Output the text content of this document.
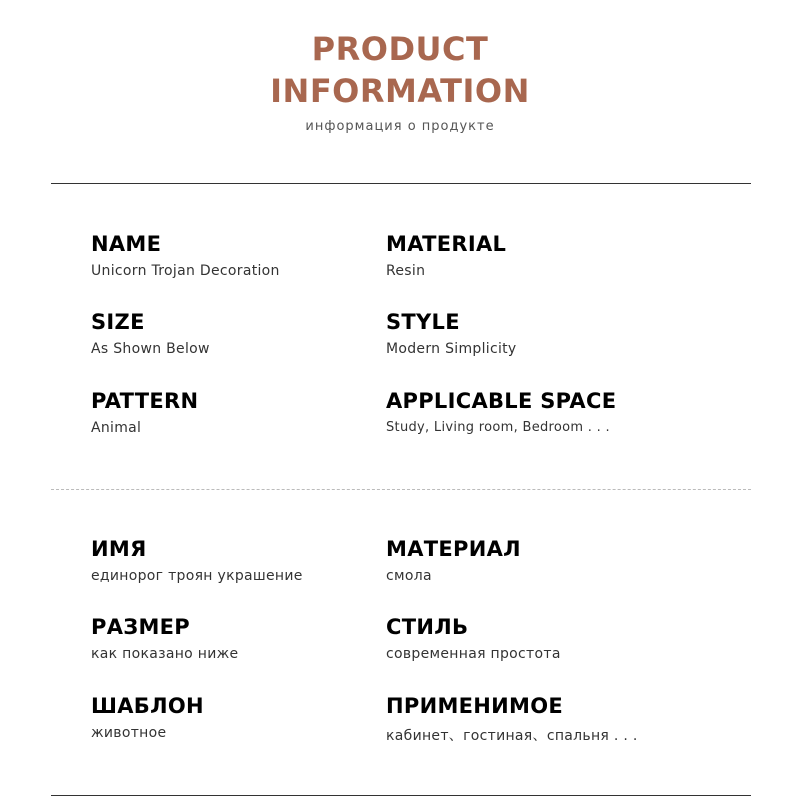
PRODUCT
INFORMATION
информация о продукте
NAME
Unicorn Trojan Decoration
MATERIAL
Resin
SIZE
As Shown Below
STYLE
Modern Simplicity
PATTERN
Animal
APPLICABLE SPACE
Study, Living room, Bedroom . . .
ИМЯ
единорог троян украшение
МАТЕРИАЛ
смола
РАЗМЕР
как показано ниже
СТИЛЬ
современная простота
ШАБЛОН
животное
ПРИМЕНИМОЕ
кабинет、гостиная、спальня . . .
